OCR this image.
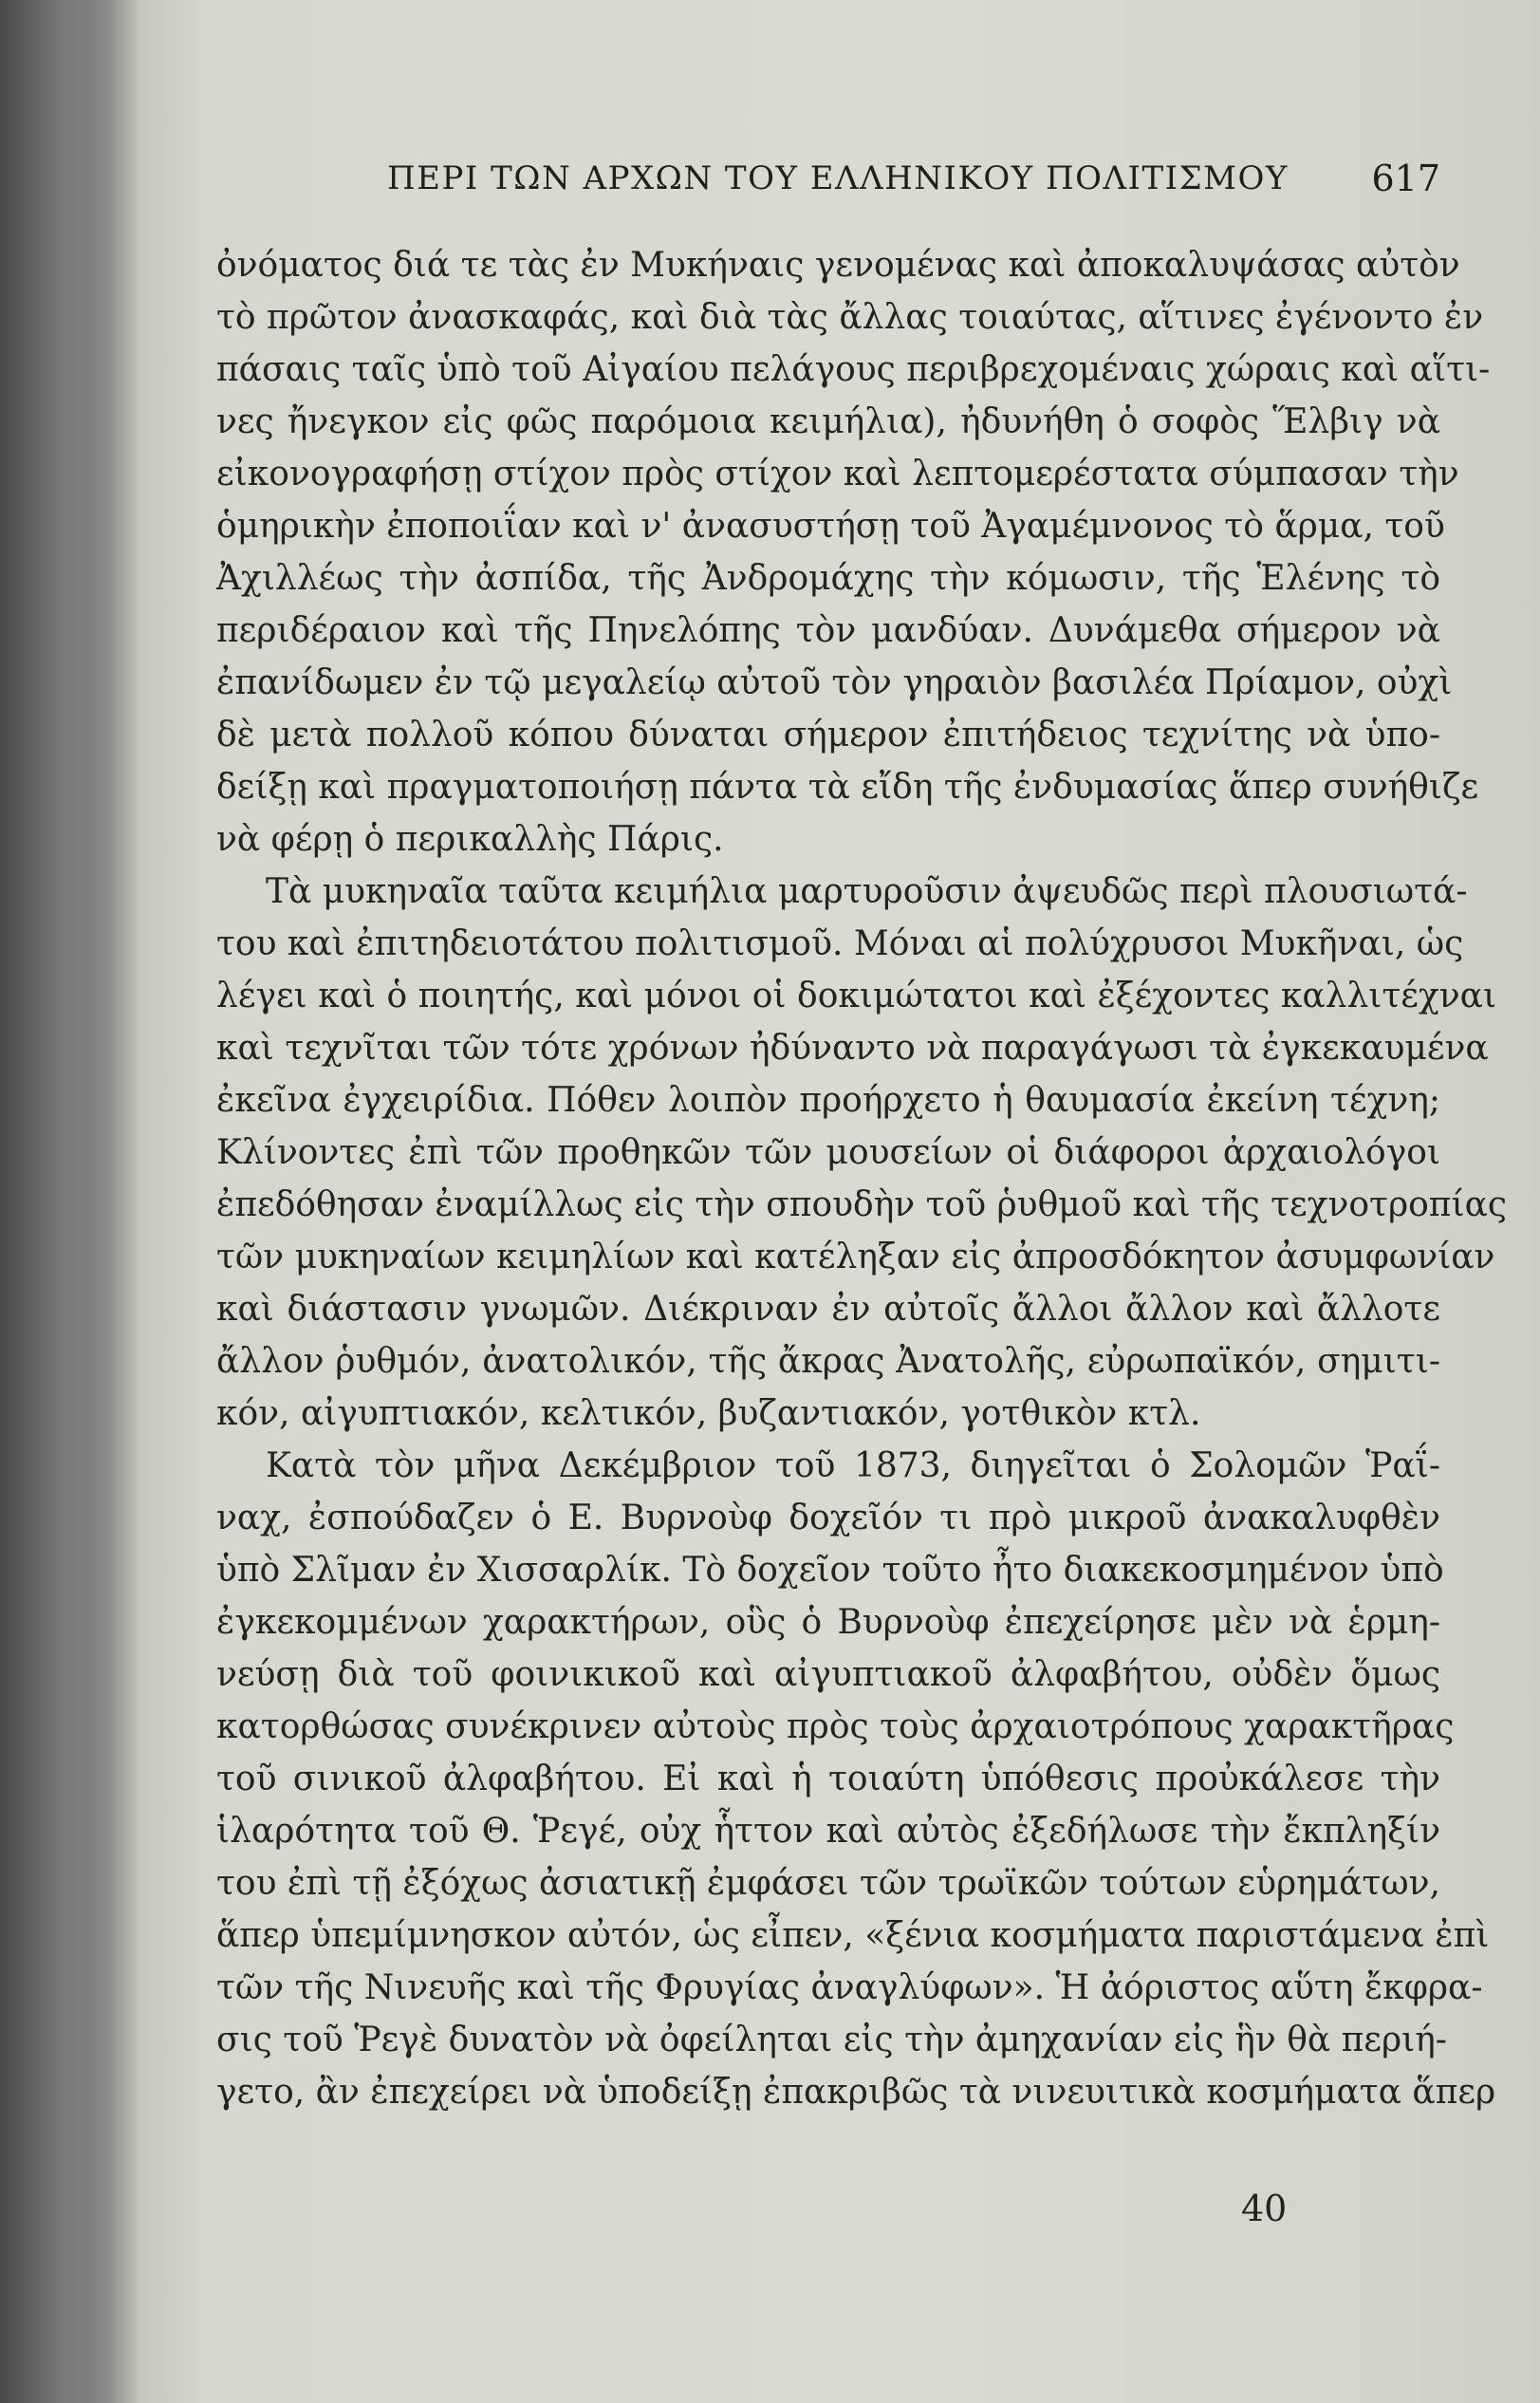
ΠΕΡΙ ΤΩΝ ΑΡΧΩΝ ΤΟΥ ΕΛΛΗΝΙΚΟΥ ΠΟΛΙΤΙΣΜΟΥ 617
ὀνόματος διά τε τὰς ἐν Μυκήναις γενομένας καὶ ἀποκαλυψάσας αὐτὸν
τὸ πρῶτον ἀνασκαφάς, καὶ διὰ τὰς ἄλλας τοιαύτας, αἵτινες ἐγένοντο ἐν
πάσαις ταῖς ὑπὸ τοῦ Αἰγαίου πελάγους περιβρεχομέναις χώραις καὶ αἵτι-
νες ἤνεγκον εἰς φῶς παρόμοια κειμήλια), ἠδυνήθη ὁ σοφὸς Ἕλβιγ νὰ
εἰκονογραφήσῃ στίχον πρὸς στίχον καὶ λεπτομερέστατα σύμπασαν τὴν
ὁμηρικὴν ἐποποιΐαν καὶ ν' ἀνασυστήσῃ τοῦ Ἀγαμέμνονος τὸ ἅρμα, τοῦ
Ἀχιλλέως τὴν ἀσπίδα, τῆς Ἀνδρομάχης τὴν κόμωσιν, τῆς Ἑλένης τὸ
περιδέραιον καὶ τῆς Πηνελόπης τὸν μανδύαν. Δυνάμεθα σήμερον νὰ
ἐπανίδωμεν ἐν τῷ μεγαλείῳ αὐτοῦ τὸν γηραιὸν βασιλέα Πρίαμον, οὐχὶ
δὲ μετὰ πολλοῦ κόπου δύναται σήμερον ἐπιτήδειος τεχνίτης νὰ ὑπο-
δείξῃ καὶ πραγματοποιήσῃ πάντα τὰ εἴδη τῆς ἐνδυμασίας ἅπερ συνήθιζε
νὰ φέρῃ ὁ περικαλλὴς Πάρις.
Τὰ μυκηναῖα ταῦτα κειμήλια μαρτυροῦσιν ἀψευδῶς περὶ πλουσιωτά-
του καὶ ἐπιτηδειοτάτου πολιτισμοῦ. Μόναι αἱ πολύχρυσοι Μυκῆναι, ὡς
λέγει καὶ ὁ ποιητής, καὶ μόνοι οἱ δοκιμώτατοι καὶ ἐξέχοντες καλλιτέχναι
καὶ τεχνῖται τῶν τότε χρόνων ἠδύναντο νὰ παραγάγωσι τὰ ἐγκεκαυμένα
ἐκεῖνα ἐγχειρίδια. Πόθεν λοιπὸν προήρχετο ἡ θαυμασία ἐκείνη τέχνη;
Κλίνοντες ἐπὶ τῶν προθηκῶν τῶν μουσείων οἱ διάφοροι ἀρχαιολόγοι
ἐπεδόθησαν ἐναμίλλως εἰς τὴν σπουδὴν τοῦ ῥυθμοῦ καὶ τῆς τεχνοτροπίας
τῶν μυκηναίων κειμηλίων καὶ κατέληξαν εἰς ἀπροσδόκητον ἀσυμφωνίαν
καὶ διάστασιν γνωμῶν. Διέκριναν ἐν αὐτοῖς ἄλλοι ἄλλον καὶ ἄλλοτε
ἄλλον ῥυθμόν, ἀνατολικόν, τῆς ἄκρας Ἀνατολῆς, εὐρωπαϊκόν, σημιτι-
κόν, αἰγυπτιακόν, κελτικόν, βυζαντιακόν, γοτθικὸν κτλ.
Κατὰ τὸν μῆνα Δεκέμβριον τοῦ 1873, διηγεῖται ὁ Σολομῶν Ῥαΐ-
ναχ, ἐσπούδαζεν ὁ Ε. Βυρνοὺφ δοχεῖόν τι πρὸ μικροῦ ἀνακαλυφθὲν
ὑπὸ Σλῖμαν ἐν Χισσαρλίκ. Τὸ δοχεῖον τοῦτο ἦτο διακεκοσμημένον ὑπὸ
ἐγκεκομμένων χαρακτήρων, οὓς ὁ Βυρνοὺφ ἐπεχείρησε μὲν νὰ ἑρμη-
νεύσῃ διὰ τοῦ φοινικικοῦ καὶ αἰγυπτιακοῦ ἀλφαβήτου, οὐδὲν ὅμως
κατορθώσας συνέκρινεν αὐτοὺς πρὸς τοὺς ἀρχαιοτρόπους χαρακτῆρας
τοῦ σινικοῦ ἀλφαβήτου. Εἰ καὶ ἡ τοιαύτη ὑπόθεσις προὐκάλεσε τὴν
ἱλαρότητα τοῦ Θ. Ῥεγέ, οὐχ ἧττον καὶ αὐτὸς ἐξεδήλωσε τὴν ἔκπληξίν
του ἐπὶ τῇ ἐξόχως ἀσιατικῇ ἐμφάσει τῶν τρωϊκῶν τούτων εὑρημάτων,
ἅπερ ὑπεμίμνησκον αὐτόν, ὡς εἶπεν, «ξένια κοσμήματα παριστάμενα ἐπὶ
τῶν τῆς Νινευῆς καὶ τῆς Φρυγίας ἀναγλύφων». Ἡ ἀόριστος αὕτη ἔκφρα-
σις τοῦ Ῥεγὲ δυνατὸν νὰ ὀφείληται εἰς τὴν ἀμηχανίαν εἰς ἣν θὰ περιή-
γετο, ἂν ἐπεχείρει νὰ ὑποδείξῃ ἐπακριβῶς τὰ νινευιτικὰ κοσμήματα ἅπερ
40
